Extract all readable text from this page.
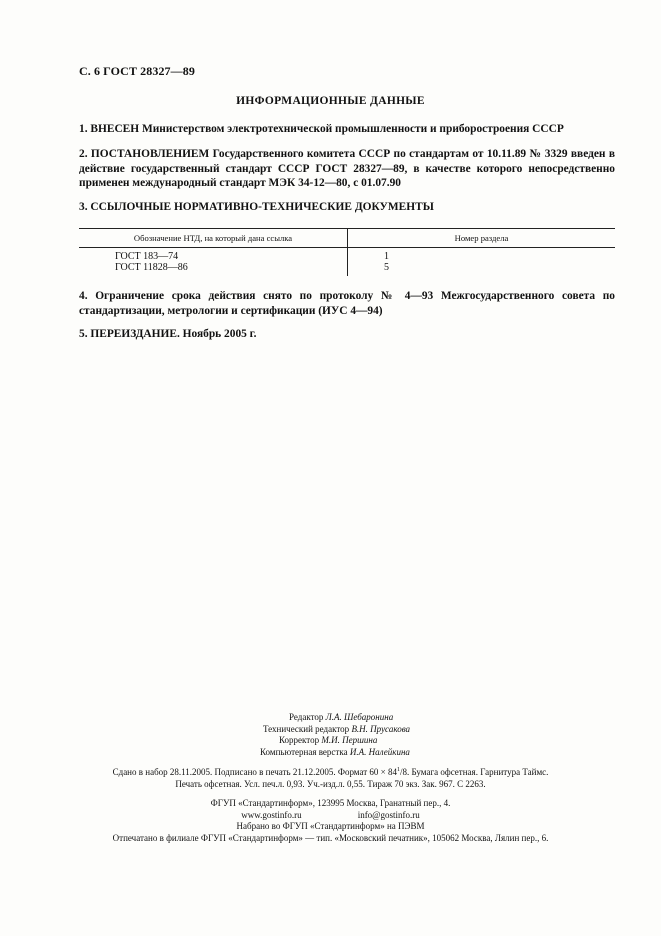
С. 6 ГОСТ 28327—89
ИНФОРМАЦИОННЫЕ ДАННЫЕ
1. ВНЕСЕН Министерством электротехнической промышленности и приборостроения СССР
2. ПОСТАНОВЛЕНИЕМ Государственного комитета СССР по стандартам от 10.11.89 № 3329 введен в действие государственный стандарт СССР ГОСТ 28327—89, в качестве которого непосредственно применен международный стандарт МЭК 34-12—80, с 01.07.90
3. ССЫЛОЧНЫЕ НОРМАТИВНО-ТЕХНИЧЕСКИЕ ДОКУМЕНТЫ
Обозначение НТД, на который дана ссылка	Номер раздела
ГОСТ 183—74
ГОСТ 11828—86
1
5
4. Ограничение срока действия снято по протоколу № 4—93 Межгосударственного совета по стандартизации, метрологии и сертификации (ИУС 4—94)
5. ПЕРЕИЗДАНИЕ. Ноябрь 2005 г.
Редактор Л.А. Шебаронина
Технический редактор В.Н. Прусакова
Корректор М.И. Першина
Компьютерная верстка И.А. Налейкина
Сдано в набор 28.11.2005. Подписано в печать 21.12.2005. Формат $60 \times 84^1/8$. Бумага офсетная. Гарнитура Таймс.
Печать офсетная. Усл. печ.л. 0,93. Уч.-изд.л. 0,55. Тираж 70 экз. Зак. 967. С 2263.
ФГУП «Стандартинформ», 123995 Москва, Гранатный пер., 4.
www.gostinfo.ru	info@gostinfo.ru
Набрано во ФГУП «Стандартинформ» на ПЭВМ
Отпечатано в филиале ФГУП «Стандартинформ» — тип. «Московский печатник», 105062 Москва, Лялин пер., 6.
